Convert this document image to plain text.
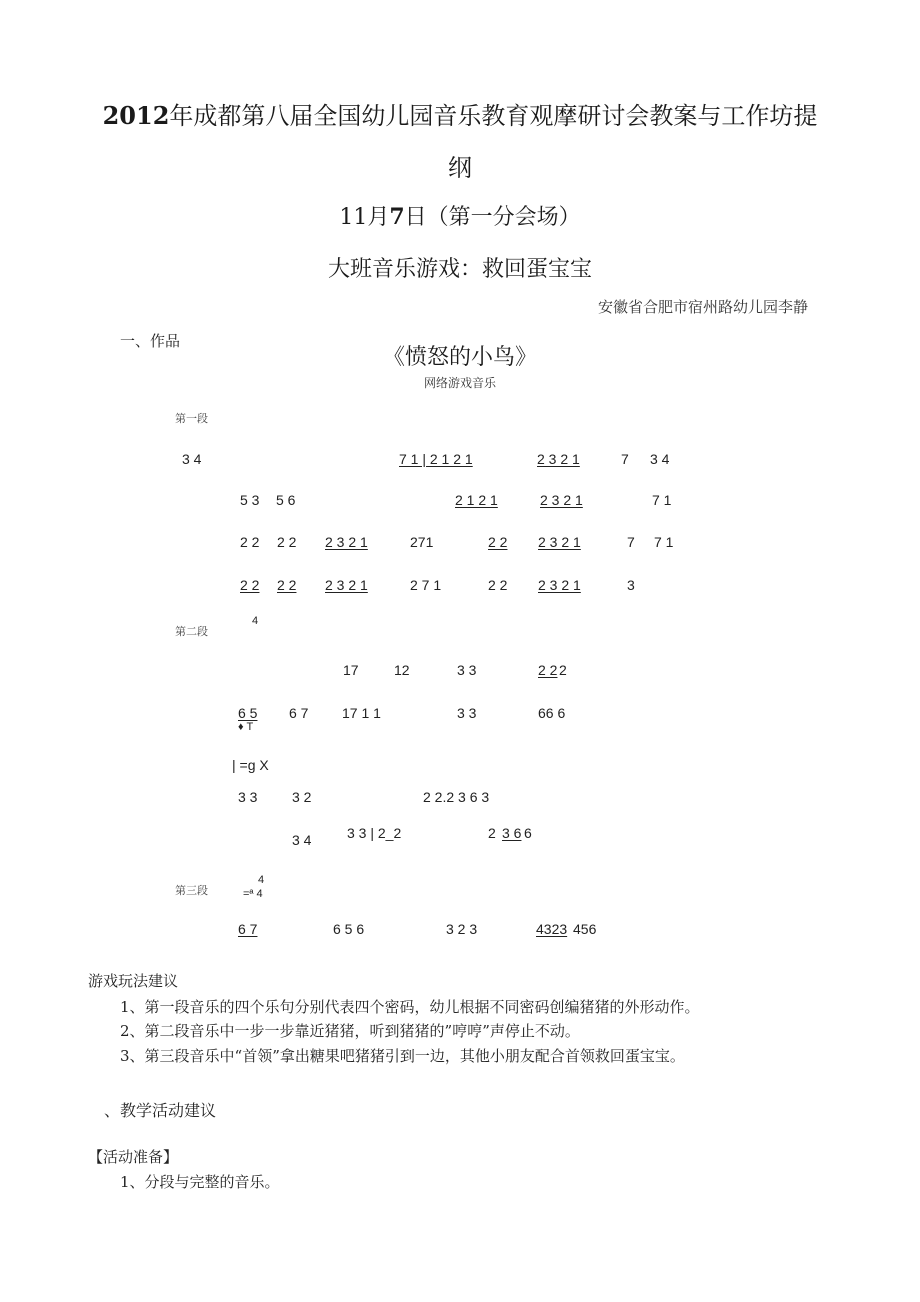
2012年成都第八届全国幼儿园音乐教育观摩研讨会教案与工作坊提
纲
11月7日（第一分会场）
大班音乐游戏：救回蛋宝宝
安徽省合肥市宿州路幼儿园李静
一、作品
《愤怒的小鸟》
网络游戏音乐
第一段
3 4	7 1 | 2 1 2 1	2 3 2 1	7 3 4
5 3 5 6	2 1 2 1	2 3 2 1	7 1
2 2 2 2 2 3 2 1	271	2 2 2 3 2 1	7 7 1
2 2 2 2 2 3 2 1	2 7 1	2 2 2 3 2 1	3
第二段
4
17	12	3 3	2 2 2
6 5 6 7 17 1 1	3 3	66 6
♦ T
| =g X
3 3 3 2	2 2.2 3 6 3
3 4	3 3 | 2_2	2 3 6 6
第三段
4
=ª 4
6 7	6 5 6	3 2 3	4323 456
游戏玩法建议
1、第一段音乐的四个乐句分别代表四个密码，幼儿根据不同密码创编猪猪的外形动作。
2、第二段音乐中一步一步靠近猪猪，听到猪猪的”哼哼”声停止不动。
3、第三段音乐中“首领”拿出糖果吧猪猪引到一边，其他小朋友配合首领救回蛋宝宝。
、教学活动建议
【活动准备】
1、分段与完整的音乐。
